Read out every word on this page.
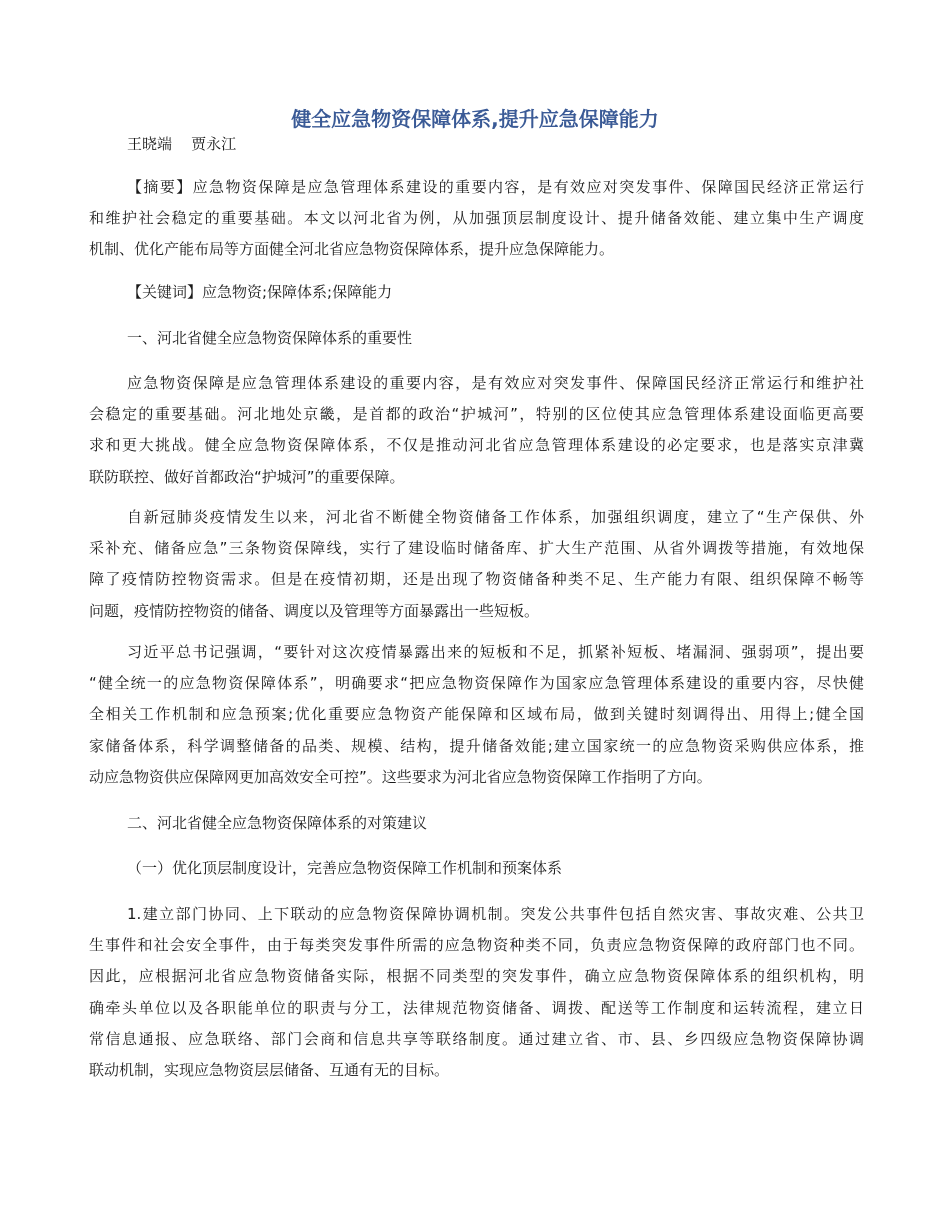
健全应急物资保障体系,提升应急保障能力
王晓端    贾永江
【摘要】应急物资保障是应急管理体系建设的重要内容，是有效应对突发事件、保障国民经济正常运行
和维护社会稳定的重要基础。本文以河北省为例，从加强顶层制度设计、提升储备效能、建立集中生产调度
机制、优化产能布局等方面健全河北省应急物资保障体系，提升应急保障能力。
【关键词】应急物资;保障体系;保障能力
一、河北省健全应急物资保障体系的重要性
应急物资保障是应急管理体系建设的重要内容，是有效应对突发事件、保障国民经济正常运行和维护社
会稳定的重要基础。河北地处京畿，是首都的政治“护城河”，特别的区位使其应急管理体系建设面临更高要
求和更大挑战。健全应急物资保障体系，不仅是推动河北省应急管理体系建设的必定要求，也是落实京津冀
联防联控、做好首都政治“护城河”的重要保障。
自新冠肺炎疫情发生以来，河北省不断健全物资储备工作体系，加强组织调度，建立了“生产保供、外
采补充、储备应急”三条物资保障线，实行了建设临时储备库、扩大生产范围、从省外调拨等措施，有效地保
障了疫情防控物资需求。但是在疫情初期，还是出现了物资储备种类不足、生产能力有限、组织保障不畅等
问题，疫情防控物资的储备、调度以及管理等方面暴露出一些短板。
习近平总书记强调，“要针对这次疫情暴露出来的短板和不足，抓紧补短板、堵漏洞、强弱项”，提出要
“健全统一的应急物资保障体系”，明确要求“把应急物资保障作为国家应急管理体系建设的重要内容，尽快健
全相关工作机制和应急预案;优化重要应急物资产能保障和区域布局，做到关键时刻调得出、用得上;健全国
家储备体系，科学调整储备的品类、规模、结构，提升储备效能;建立国家统一的应急物资采购供应体系，推
动应急物资供应保障网更加高效安全可控”。这些要求为河北省应急物资保障工作指明了方向。
二、河北省健全应急物资保障体系的对策建议
（一）优化顶层制度设计，完善应急物资保障工作机制和预案体系
1.建立部门协同、上下联动的应急物资保障协调机制。突发公共事件包括自然灾害、事故灾难、公共卫
生事件和社会安全事件，由于每类突发事件所需的应急物资种类不同，负责应急物资保障的政府部门也不同。
因此，应根据河北省应急物资储备实际，根据不同类型的突发事件，确立应急物资保障体系的组织机构，明
确牵头单位以及各职能单位的职责与分工，法律规范物资储备、调拨、配送等工作制度和运转流程，建立日
常信息通报、应急联络、部门会商和信息共享等联络制度。通过建立省、市、县、乡四级应急物资保障协调
联动机制，实现应急物资层层储备、互通有无的目标。
